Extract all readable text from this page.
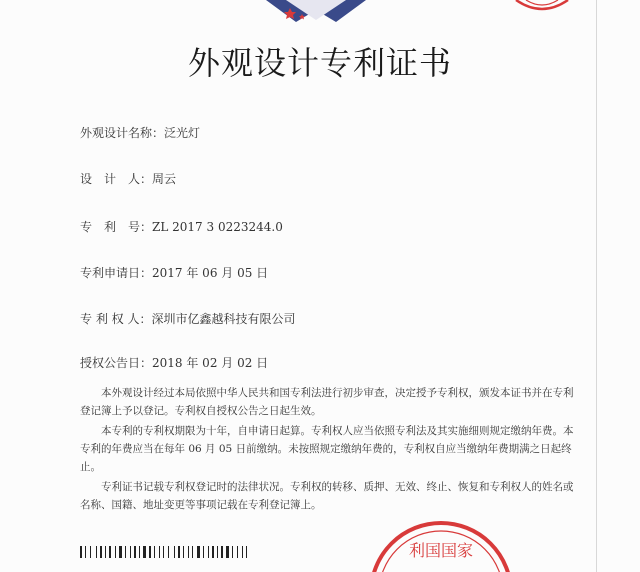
外观设计专利证书
外观设计名称：泛光灯
设　计　人：周云
专　利　号：ZL 2017 3 0223244.0
专利申请日：2017 年 06 月 05 日
专 利 权 人：深圳市亿鑫越科技有限公司
授权公告日：2018 年 02 月 02 日
本外观设计经过本局依照中华人民共和国专利法进行初步审查，决定授予专利权，颁发本证书并在专利登记簿上予以登记。专利权自授权公告之日起生效。
本专利的专利权期限为十年，自申请日起算。专利权人应当依照专利法及其实施细则规定缴纳年费。本专利的年费应当在每年 06 月 05 日前缴纳。未按照规定缴纳年费的，专利权自应当缴纳年费期满之日起终止。
专利证书记载专利权登记时的法律状况。专利权的转移、质押、无效、终止、恢复和专利权人的姓名或名称、国籍、地址变更等事项记载在专利登记簿上。
利国国家
